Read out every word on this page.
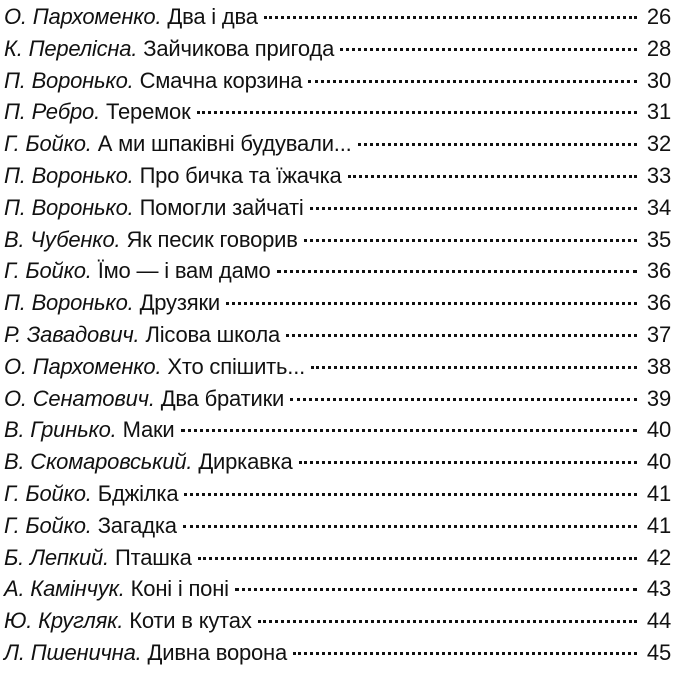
О. Пархоменко. Два і два	26
К. Перелісна. Зайчикова пригода	28
П. Воронько. Смачна корзина	30
П. Ребро. Теремок	31
Г. Бойко. А ми шпаківні будували...	32
П. Воронько. Про бичка та їжачка	33
П. Воронько. Помогли зайчаті	34
В. Чубенко. Як песик говорив	35
Г. Бойко. Їмо — і вам дамо	36
П. Воронько. Друзяки	36
Р. Завадович. Лісова школа	37
О. Пархоменко. Хто спішить...	38
О. Сенатович. Два братики	39
В. Гринько. Маки	40
В. Скомаровський. Диркавка	40
Г. Бойко. Бджілка	41
Г. Бойко. Загадка	41
Б. Лепкий. Пташка	42
А. Камінчук. Коні і поні	43
Ю. Кругляк. Коти в кутах	44
Л. Пшенична. Дивна ворона	45
